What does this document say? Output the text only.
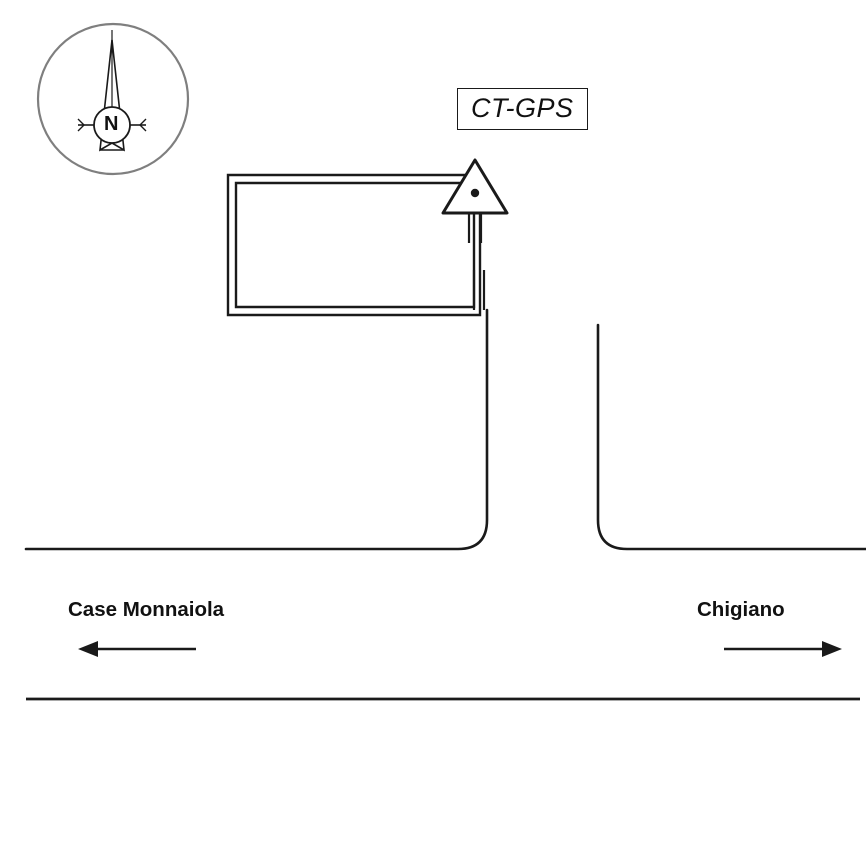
N
CT-GPS
Case Monnaiola	Chigiano
